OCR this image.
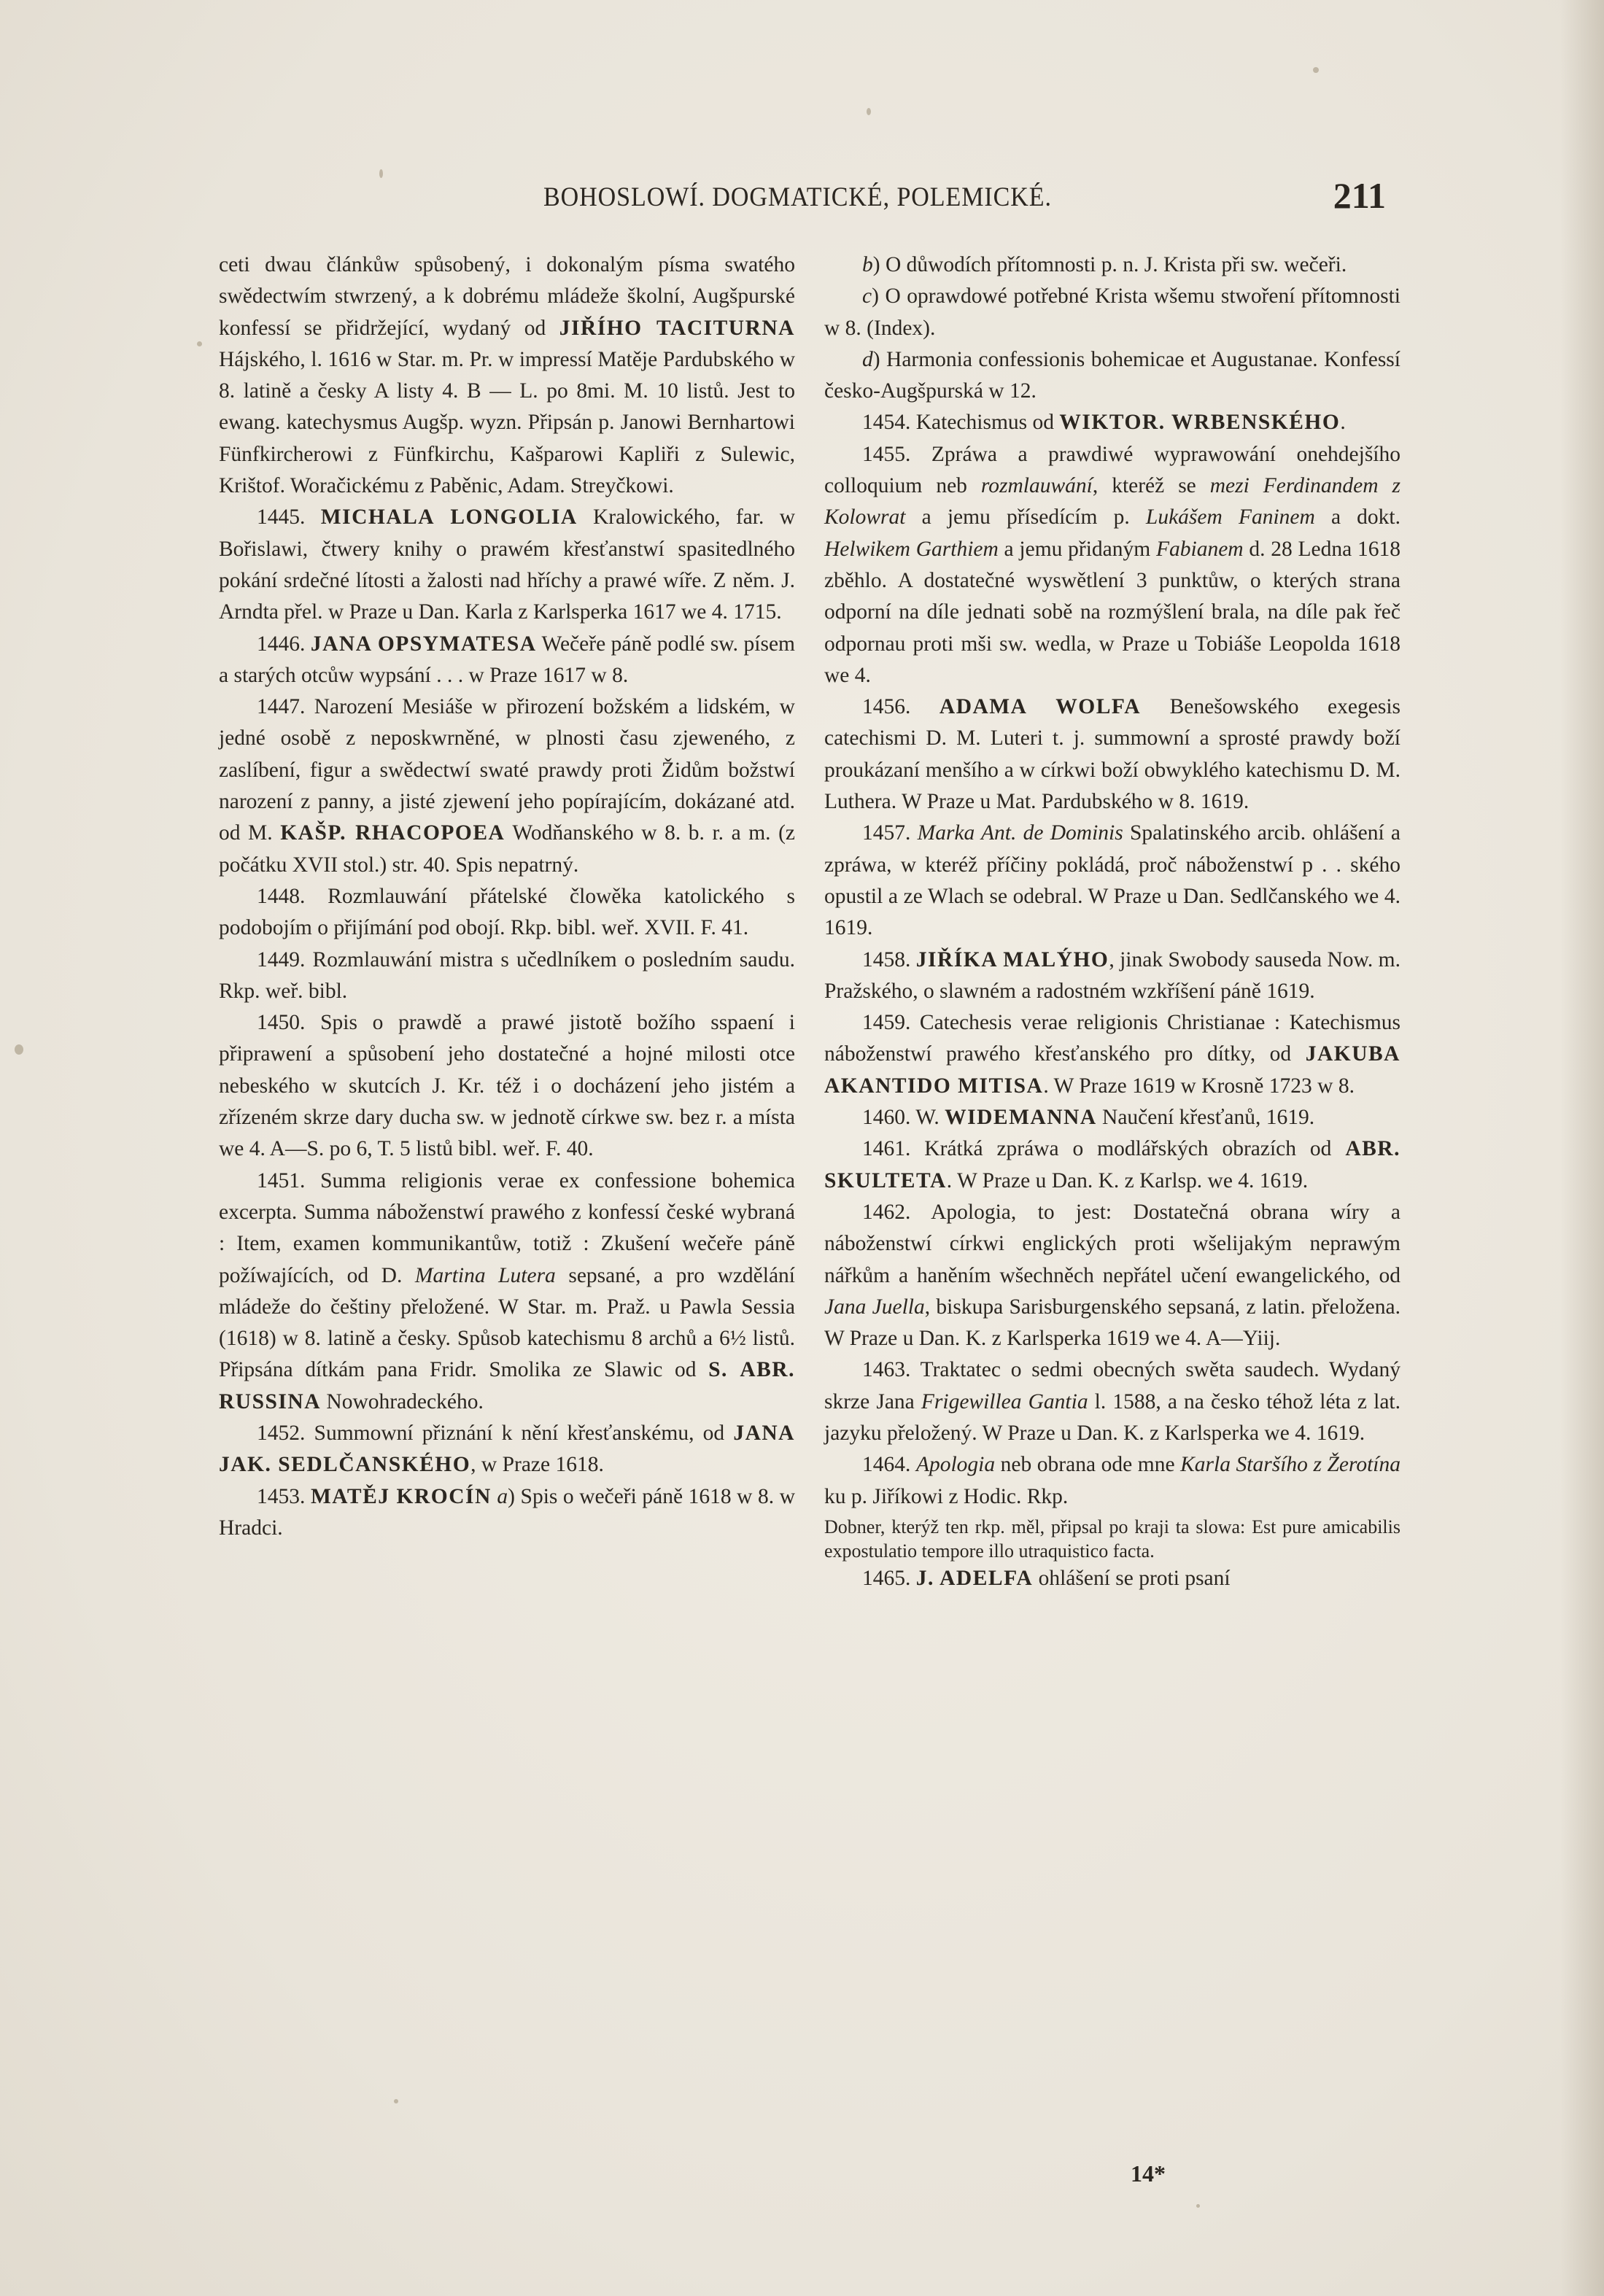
BOHOSLOWÍ. DOGMATICKÉ, POLEMICKÉ.	211

ceti dwau článkůw spůsobený, i dokonalým písma swatého swědectwím stwrzený, a k dobrému mládeže školní, Augšpurské konfessí se přidržející, wydaný od JIŘÍHO TACITURNA Hájského, l. 1616 w Star. m. Pr. w impressí Matěje Pardubského w 8. latině a česky A listy 4. B — L. po 8mi. M. 10 listů. Jest to ewang. katechysmus Augšp. wyzn. Připsán p. Janowi Bernhartowi Fünfkircherowi z Fünfkirchu, Kašparowi Kapliři z Sulewic, Krištof. Woračickému z Paběnic, Adam. Streyčkowi.

1445. MICHALA LONGOLIA Kralowického, far. w Bořislawi, čtwery knihy o prawém křesťanstwí spasitedlného pokání srdečné lítosti a žalosti nad hříchy a prawé wíře. Z něm. J. Arndta přel. w Praze u Dan. Karla z Karlsperka 1617 we 4. 1715.

1446. JANA OPSYMATESA Wečeře páně podlé sw. písem a starých otcůw wypsání . . . w Praze 1617 w 8.

1447. Narození Mesiáše w přirození božském a lidském, w jedné osobě z neposkwrněné, w plnosti času zjeweného, z zaslíbení, figur a swědectwí swaté prawdy proti Židům božstwí narození z panny, a jisté zjewení jeho popírajícím, dokázané atd. od M. KAŠP. RHACOPOEA Wodňanského w 8. b. r. a m. (z počátku XVII stol.) str. 40. Spis nepatrný.

1448. Rozmlauwání přátelské člowěka katolického s podobojím o přijímání pod obojí. Rkp. bibl. weř. XVII. F. 41.

1449. Rozmlauwání mistra s učedlníkem o posledním saudu. Rkp. weř. bibl.

1450. Spis o prawdě a prawé jistotě božího sspaení i připrawení a spůsobení jeho dostatečné a hojné milosti otce nebeského w skutcích J. Kr. též i o docházení jeho jistém a zřízeném skrze dary ducha sw. w jednotě církwe sw. bez r. a místa we 4. A—S. po 6, T. 5 listů bibl. weř. F. 40.

1451. Summa religionis verae ex confessione bohemica excerpta. Summa náboženstwí prawého z konfessí české wybraná : Item, examen kommunikantůw, totiž : Zkušení wečeře páně požíwajících, od D. Martina Lutera sepsané, a pro wzdělání mládeže do češtiny přeložené. W Star. m. Praž. u Pawla Sessia (1618) w 8. latině a česky. Spůsob katechismu 8 archů a 6½ listů. Připsána dítkám pana Fridr. Smolika ze Slawic od S. ABR. RUSSINA Nowohradeckého.

1452. Summowní přiznání k nění křesťanskému, od JANA JAK. SEDLČANSKÉHO, w Praze 1618.

1453. MATĚJ KROCÍN a) Spis o wečeři páně 1618 w 8. w Hradci.

b) O důwodích přítomnosti p. n. J. Krista při sw. wečeři.

c) O oprawdowé potřebné Krista wšemu stwoření přítomnosti w 8. (Index).

d) Harmonia confessionis bohemicae et Augustanae. Konfessí česko-Augšpurská w 12.

1454. Katechismus od WIKTOR. WRBENSKÉHO.

1455. Zpráwa a prawdiwé wyprawowání onehdejšího colloquium neb rozmlauwání, kteréž se mezi Ferdinandem z Kolowrat a jemu přísedícím p. Lukášem Faninem a dokt. Helwikem Garthiem a jemu přidaným Fabianem d. 28 Ledna 1618 zběhlo. A dostatečné wyswětlení 3 punktůw, o kterých strana odporní na díle jednati sobě na rozmýšlení brala, na díle pak řeč odpornau proti mši sw. wedla, w Praze u Tobiáše Leopolda 1618 we 4.

1456. ADAMA WOLFA Benešowského exegesis catechismi D. M. Luteri t. j. summowní a sprosté prawdy boží proukázaní menšího a w církwi boží obwyklého katechismu D. M. Luthera. W Praze u Mat. Pardubského w 8. 1619.

1457. Marka Ant. de Dominis Spalatinského arcib. ohlášení a zpráwa, w kteréž příčiny pokládá, proč náboženstwí p . . ského opustil a ze Wlach se odebral. W Praze u Dan. Sedlčanského we 4. 1619.

1458. JIŘÍKA MALÝHO, jinak Swobody sauseda Now. m. Pražského, o slawném a radostném wzkříšení páně 1619.

1459. Catechesis verae religionis Christianae : Katechismus náboženstwí prawého křesťanského pro dítky, od JAKUBA AKANTIDO MITISA. W Praze 1619 w Krosně 1723 w 8.

1460. W. WIDEMANNA Naučení křesťanů, 1619.

1461. Krátká zpráwa o modlářských obrazích od ABR. SKULTETA. W Praze u Dan. K. z Karlsp. we 4. 1619.

1462. Apologia, to jest: Dostatečná obrana wíry a náboženstwí církwi englických proti wšelijakým neprawým nářkům a haněním wšechněch nepřátel učení ewangelického, od Jana Juella, biskupa Sarisburgenského sepsaná, z latin. přeložena. W Praze u Dan. K. z Karlsperka 1619 we 4. A—Yiij.

1463. Traktatec o sedmi obecných swěta saudech. Wydaný skrze Jana Frigewillea Gantia l. 1588, a na česko téhož léta z lat. jazyku přeložený. W Praze u Dan. K. z Karlsperka we 4. 1619.

1464. Apologia neb obrana ode mne Karla Staršího z Žerotína ku p. Jiříkowi z Hodic. Rkp.

Dobner, kterýž ten rkp. měl, připsal po kraji ta slowa: Est pure amicabilis expostulatio tempore illo utraquistico facta.

1465. J. ADELFA ohlášení se proti psaní

14*
